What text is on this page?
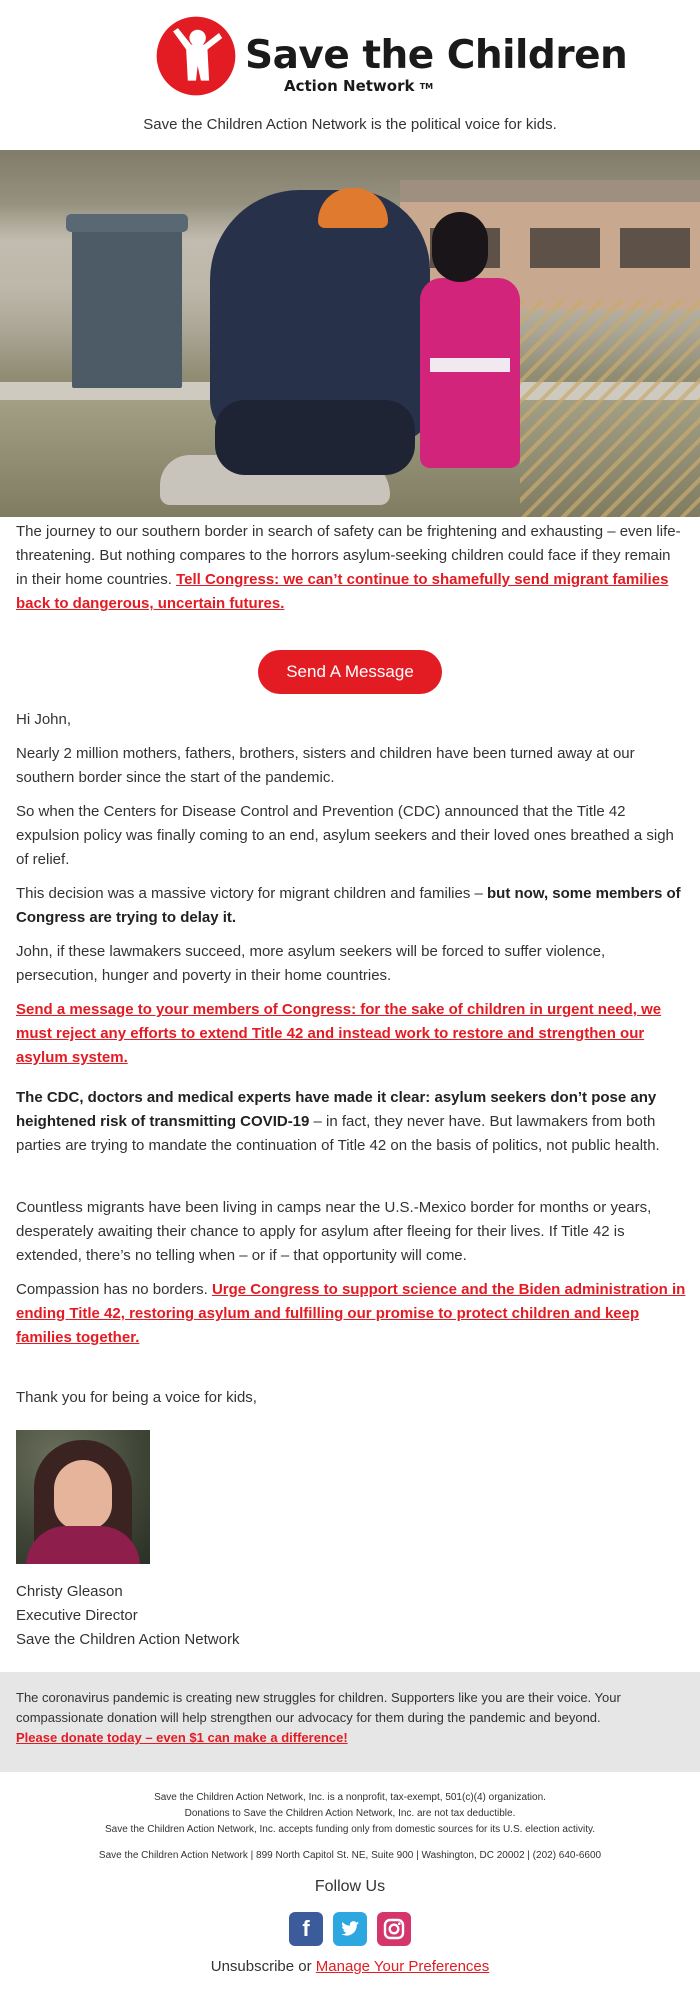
Save the Children
Action Network TM
Save the Children Action Network is the political voice for kids.
The journey to our southern border in search of safety can be frightening and exhausting – even life-threatening. But nothing compares to the horrors asylum-seeking children could face if they remain in their home countries. Tell Congress: we can’t continue to shamefully send migrant families back to dangerous, uncertain futures.
Hi John,
Nearly 2 million mothers, fathers, brothers, sisters and children have been turned away at our southern border since the start of the pandemic.
So when the Centers for Disease Control and Prevention (CDC) announced that the Title 42 expulsion policy was finally coming to an end, asylum seekers and their loved ones breathed a sigh of relief.
This decision was a massive victory for migrant children and families – but now, some members of Congress are trying to delay it.
John, if these lawmakers succeed, more asylum seekers will be forced to suffer violence, persecution, hunger and poverty in their home countries.
Send a message to your members of Congress: for the sake of children in urgent need, we must reject any efforts to extend Title 42 and instead work to restore and strengthen our asylum system.
The CDC, doctors and medical experts have made it clear: asylum seekers don’t pose any heightened risk of transmitting COVID-19 – in fact, they never have. But lawmakers from both parties are trying to mandate the continuation of Title 42 on the basis of politics, not public health.
Countless migrants have been living in camps near the U.S.-Mexico border for months or years, desperately awaiting their chance to apply for asylum after fleeing for their lives. If Title 42 is extended, there’s no telling when – or if – that opportunity will come.
Compassion has no borders. Urge Congress to support science and the Biden administration in ending Title 42, restoring asylum and fulfilling our promise to protect children and keep families together.
Thank you for being a voice for kids,
Send A Message
Christy Gleason
Executive Director
Save the Children Action Network
The coronavirus pandemic is creating new struggles for children. Supporters like you are their voice. Your compassionate donation will help strengthen our advocacy for them during the pandemic and beyond.
Please donate today – even $1 can make a difference!
Save the Children Action Network, Inc. is a nonprofit, tax-exempt, 501(c)(4) organization.
Donations to Save the Children Action Network, Inc. are not tax deductible.
Save the Children Action Network, Inc. accepts funding only from domestic sources for its U.S. election activity.
Save the Children Action Network | 899 North Capitol St. NE, Suite 900 | Washington, DC 20002 | (202) 640-6600
Follow Us
f
Unsubscribe or Manage Your Preferences
